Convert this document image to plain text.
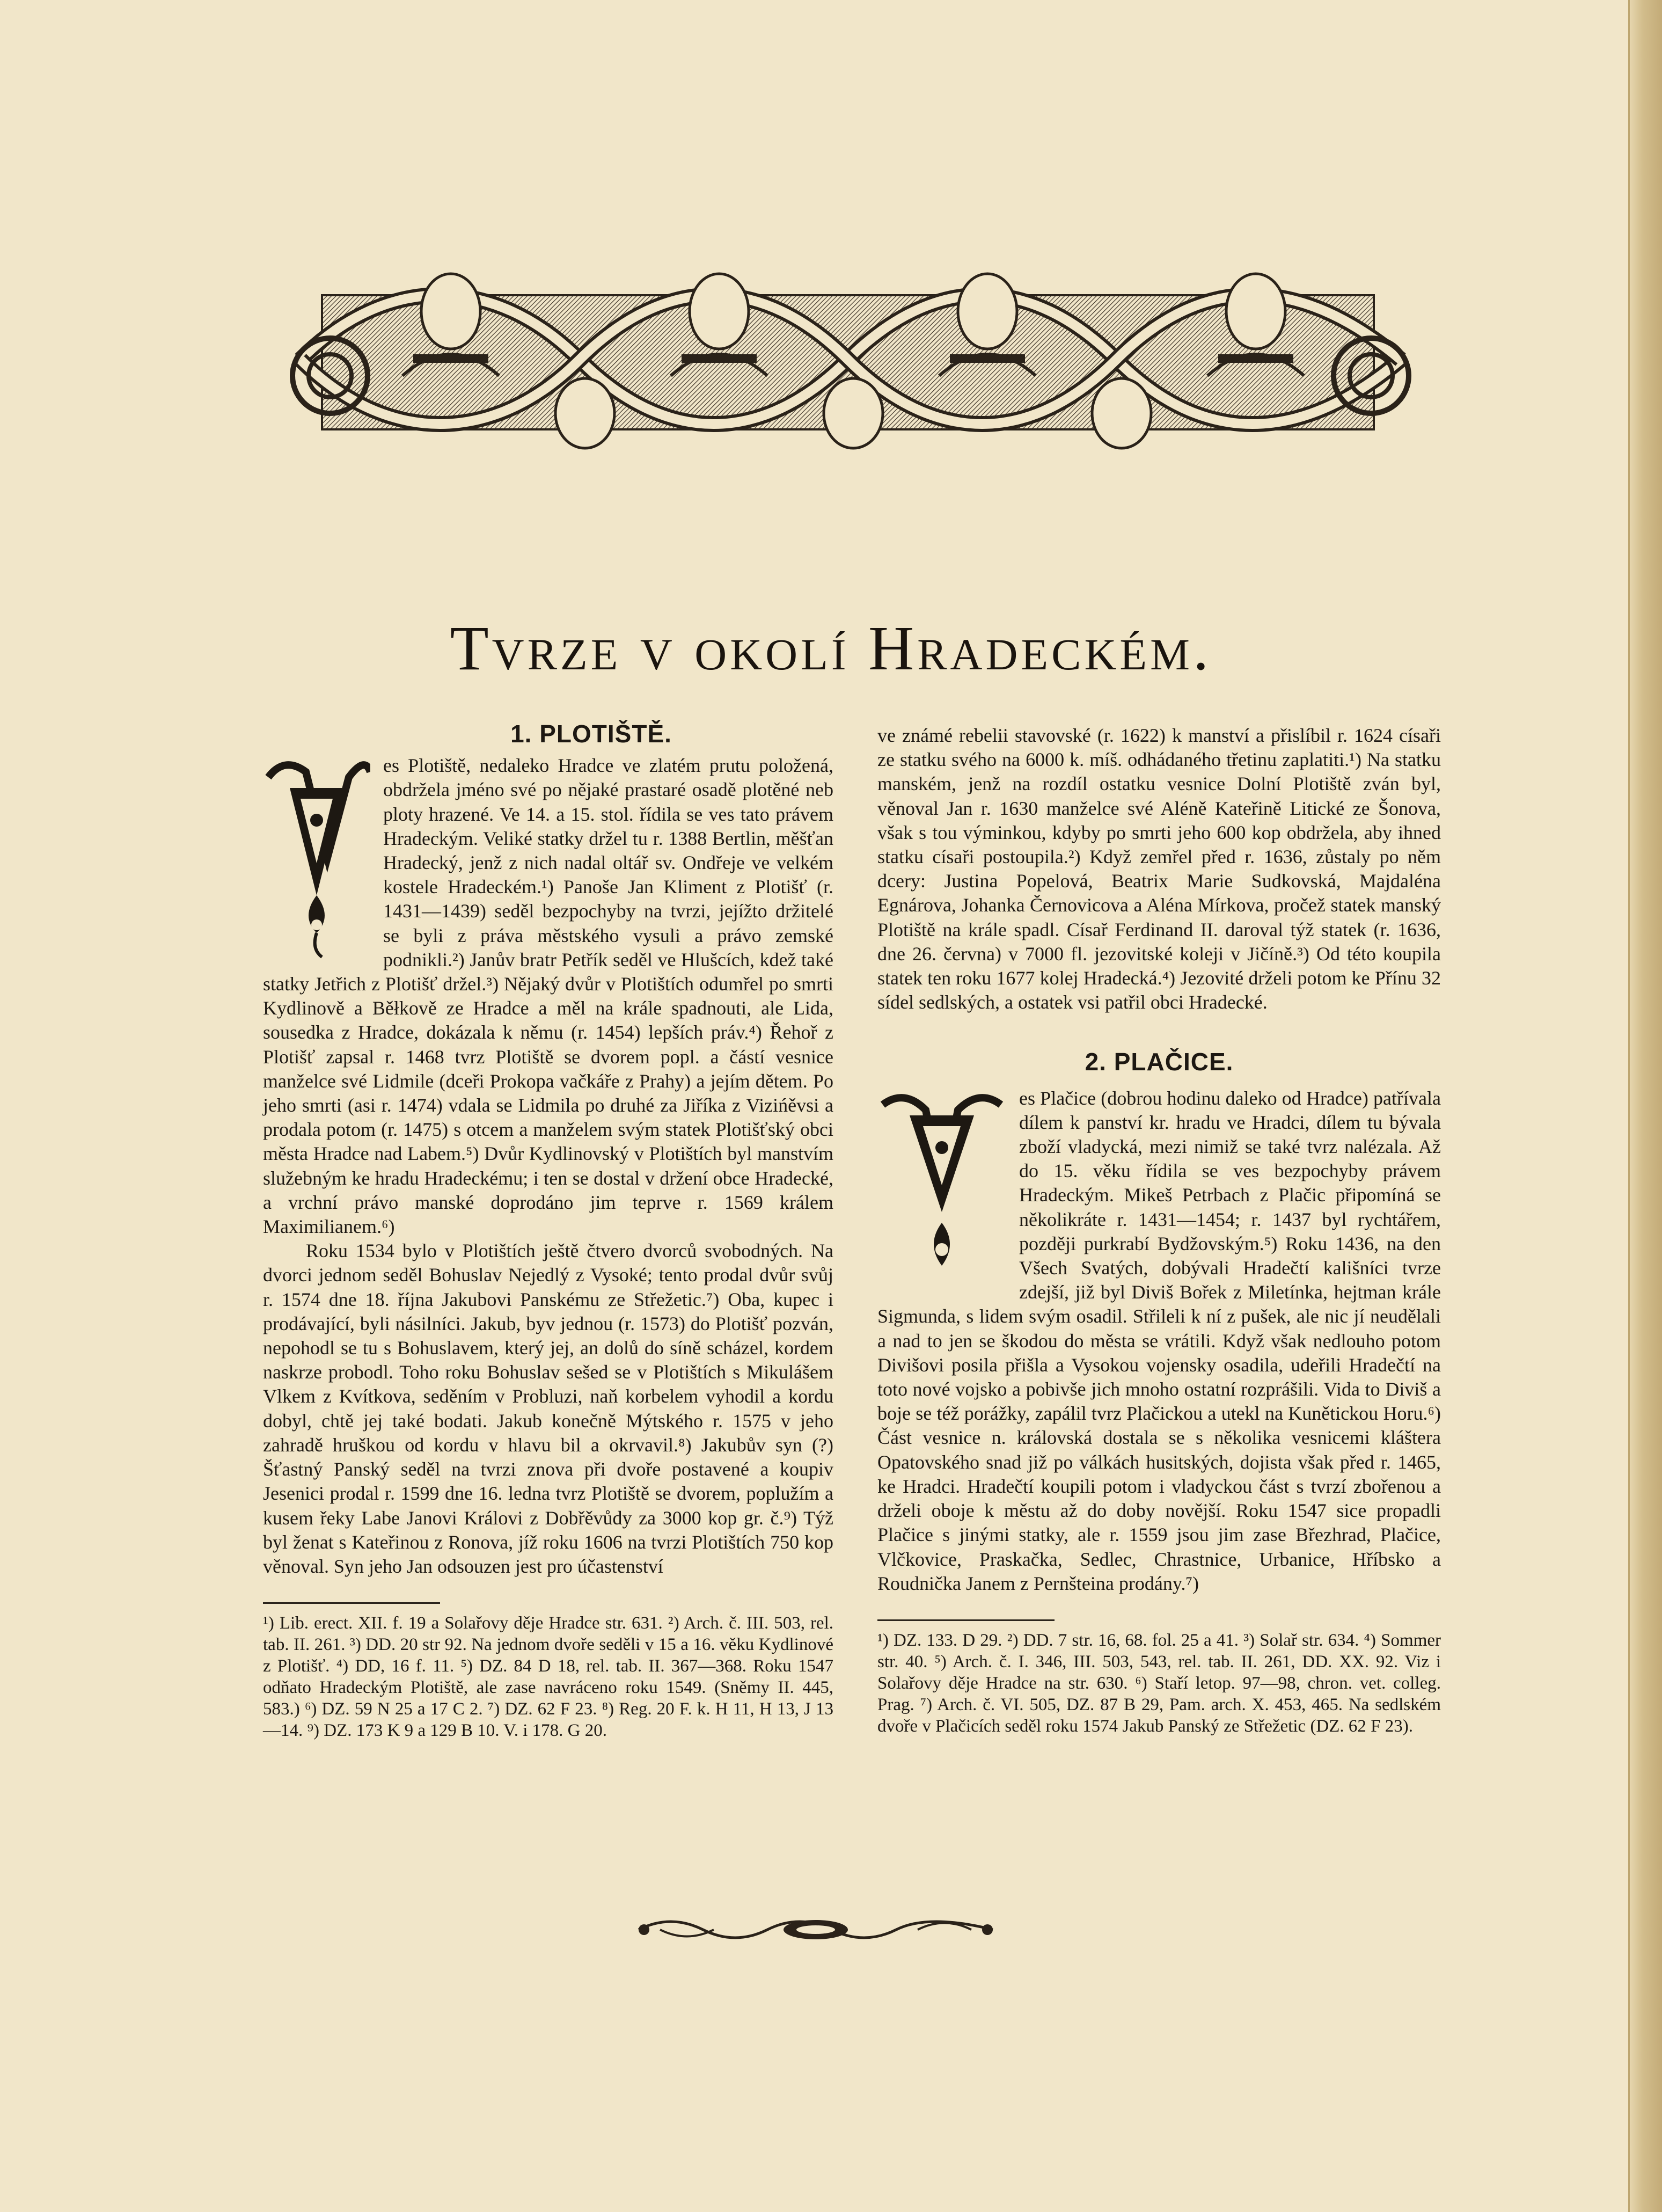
Tvrze v okolí Hradeckém.
1. PLOTIŠTĚ.

es Plotiště, nedaleko Hradce ve zlatém prutu položená, obdržela jméno své po nějaké prastaré osadě plotěné neb ploty hrazené. Ve 14. a 15. stol. řídila se ves tato právem Hradeckým. Veliké statky držel tu r. 1388 Bertlin, měšťan Hradecký, jenž z nich nadal oltář sv. Ondřeje ve velkém kostele Hradeckém.¹) Panoše Jan Kliment z Plotišť (r. 1431—1439) seděl bezpochyby na tvrzi, jejížto držitelé se byli z práva městského vysuli a právo zemské podnikli.²) Janův bratr Petřík seděl ve Hlušcích, kdež také statky Jetřich z Plotišť držel.³) Nějaký dvůr v Plotištích odumřel po smrti Kydlinově a Běłkově ze Hradce a měl na krále spadnouti, ale Lida, sousedka z Hradce, dokázala k němu (r. 1454) lepších práv.⁴) Řehoř z Plotišť zapsal r. 1468 tvrz Plotiště se dvorem popl. a částí vesnice manželce své Lidmile (dceři Prokopa vačkáře z Prahy) a jejím dětem. Po jeho smrti (asi r. 1474) vdala se Lidmila po druhé za Jiříka z Vizińěvsi a prodala potom (r. 1475) s otcem a manželem svým statek Plotišťský obci města Hradce nad Labem.⁵) Dvůr Kydlinovský v Plotištích byl manstvím služebným ke hradu Hradeckému; i ten se dostal v držení obce Hradecké, a vrchní právo manské doprodáno jim teprve r. 1569 králem Maximilianem.⁶)

Roku 1534 bylo v Plotištích ještě čtvero dvorců svobodných. Na dvorci jednom seděl Bohuslav Nejedlý z Vysoké; tento prodal dvůr svůj r. 1574 dne 18. října Jakubovi Panskému ze Střežetic.⁷) Oba, kupec i prodávající, byli násilníci. Jakub, byv jednou (r. 1573) do Plotišť pozván, nepohodl se tu s Bohuslavem, který jej, an dolů do síně scházel, kordem naskrze probodl. Toho roku Bohuslav sešed se v Plotištích s Mikulášem Vlkem z Kvítkova, seděním v Probluzi, naň korbelem vyhodil a kordu dobyl, chtě jej také bodati. Jakub konečně Mýtského r. 1575 v jeho zahradě hruškou od kordu v hlavu bil a okrvavil.⁸) Jakubův syn (?) Šťastný Panský seděl na tvrzi znova při dvoře postavené a koupiv Jesenici prodal r. 1599 dne 16. ledna tvrz Plotiště se dvorem, poplužím a kusem řeky Labe Janovi Královi z Dobřěvůdy za 3000 kop gr. č.⁹) Týž byl ženat s Kateřinou z Ronova, jíž roku 1606 na tvrzi Plotištích 750 kop věnoval. Syn jeho Jan odsouzen jest pro účastenství

¹) Lib. erect. XII. f. 19 a Solařovy děje Hradce str. 631. ²) Arch. č. III. 503, rel. tab. II. 261. ³) DD. 20 str 92. Na jednom dvoře seděli v 15 a 16. věku Kydlinové z Plotišť. ⁴) DD, 16 f. 11. ⁵) DZ. 84 D 18, rel. tab. II. 367—368. Roku 1547 odňato Hradeckým Plotiště, ale zase navráceno roku 1549. (Sněmy II. 445, 583.) ⁶) DZ. 59 N 25 a 17 C 2. ⁷) DZ. 62 F 23. ⁸) Reg. 20 F. k. H 11, H 13, J 13—14. ⁹) DZ. 173 K 9 a 129 B 10. V. i 178. G 20.

ve známé rebelii stavovské (r. 1622) k manství a přislíbil r. 1624 císaři ze statku svého na 6000 k. míš. odhádaného třetinu zaplatiti.¹) Na statku manském, jenž na rozdíl ostatku vesnice Dolní Plotiště zván byl, věnoval Jan r. 1630 manželce své Aléně Kateřině Litické ze Šonova, však s tou výminkou, kdyby po smrti jeho 600 kop obdržela, aby ihned statku císaři postoupila.²) Když zemřel před r. 1636, zůstaly po něm dcery: Justina Popelová, Beatrix Marie Sudkovská, Majdaléna Egnárova, Johanka Černovicova a Aléna Mírkova, pročež statek manský Plotiště na krále spadl. Císař Ferdinand II. daroval týž statek (r. 1636, dne 26. června) v 7000 fl. jezovitské koleji v Jičíně.³) Od této koupila statek ten roku 1677 kolej Hradecká.⁴) Jezovité drželi potom ke Přínu 32 sídel sedlských, a ostatek vsi patřil obci Hradecké.

2. PLAČICE.

es Plačice (dobrou hodinu daleko od Hradce) patřívala dílem k panství kr. hradu ve Hradci, dílem tu bývala zboží vladycká, mezi nimiž se také tvrz nalézala. Až do 15. věku řídila se ves bezpochyby právem Hradeckým. Mikeš Petrbach z Plačic připomíná se několikráte r. 1431—1454; r. 1437 byl rychtářem, později purkrabí Bydžovským.⁵) Roku 1436, na den Všech Svatých, dobývali Hradečtí kališníci tvrze zdejší, již byl Diviš Bořek z Miletínka, hejtman krále Sigmunda, s lidem svým osadil. Střileli k ní z pušek, ale nic jí neudělali a nad to jen se škodou do města se vrátili. Když však nedlouho potom Divišovi posila přišla a Vysokou vojensky osadila, udeřili Hradečtí na toto nové vojsko a pobivše jich mnoho ostatní rozprášili. Vida to Diviš a boje se též porážky, zapálil tvrz Plačickou a utekl na Kunětickou Horu.⁶) Část vesnice n. královská dostala se s několika vesnicemi kláštera Opatovského snad již po válkách husitských, dojista však před r. 1465, ke Hradci. Hradečtí koupili potom i vladyckou část s tvrzí zbořenou a drželi oboje k městu až do doby novější. Roku 1547 sice propadli Plačice s jinými statky, ale r. 1559 jsou jim zase Březhrad, Plačice, Vlčkovice, Praskačka, Sedlec, Chrastnice, Urbanice, Hříbsko a Roudnička Janem z Pernšteina prodány.⁷)

¹) DZ. 133. D 29. ²) DD. 7 str. 16, 68. fol. 25 a 41. ³) Solař str. 634. ⁴) Sommer str. 40. ⁵) Arch. č. I. 346, III. 503, 543, rel. tab. II. 261, DD. XX. 92. Viz i Solařovy děje Hradce na str. 630. ⁶) Staří letop. 97—98, chron. vet. colleg. Prag. ⁷) Arch. č. VI. 505, DZ. 87 B 29, Pam. arch. X. 453, 465. Na sedlském dvoře v Plačicích seděl roku 1574 Jakub Panský ze Střežetic (DZ. 62 F 23).
